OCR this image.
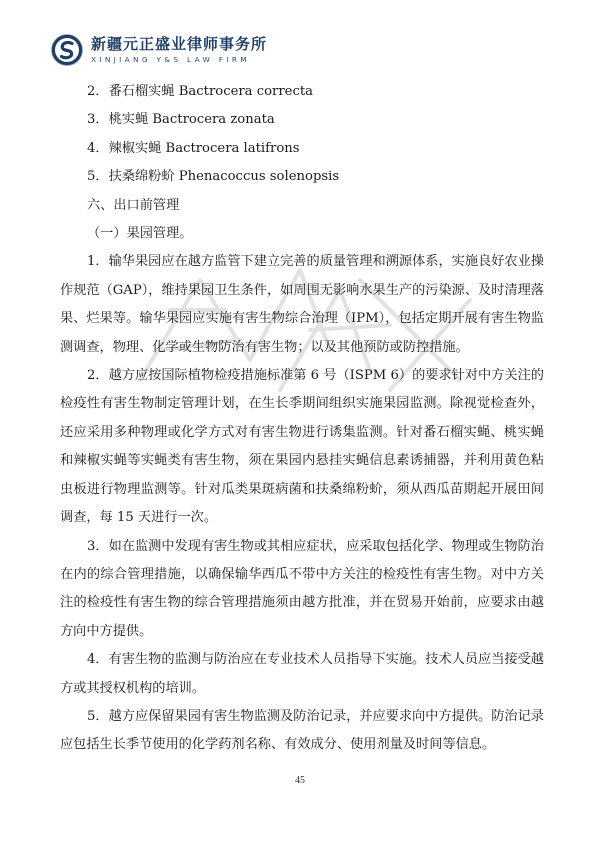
新疆元正盛业律师事务所
XINJIANG Y&S LAW FIRM
2．番石榴实蝇 Bactrocera correcta
3．桃实蝇 Bactrocera zonata
4．辣椒实蝇 Bactrocera latifrons
5．扶桑绵粉蚧 Phenacoccus solenopsis
六、出口前管理
（一）果园管理。

1．输华果园应在越方监管下建立完善的质量管理和溯源体系，实施良好农业操作规范（GAP），维持果园卫生条件，如周围无影响水果生产的污染源、及时清理落果、烂果等。输华果园应实施有害生物综合治理（IPM），包括定期开展有害生物监测调查，物理、化学或生物防治有害生物；以及其他预防或防控措施。

2．越方应按国际植物检疫措施标准第 6 号（ISPM 6）的要求针对中方关注的检疫性有害生物制定管理计划，在生长季期间组织实施果园监测。除视觉检查外，还应采用多种物理或化学方式对有害生物进行诱集监测。针对番石榴实蝇、桃实蝇和辣椒实蝇等实蝇类有害生物，须在果园内悬挂实蝇信息素诱捕器，并利用黄色粘虫板进行物理监测等。针对瓜类果斑病菌和扶桑绵粉蚧，须从西瓜苗期起开展田间调查，每 15 天进行一次。

3．如在监测中发现有害生物或其相应症状，应采取包括化学、物理或生物防治在内的综合管理措施，以确保输华西瓜不带中方关注的检疫性有害生物。对中方关注的检疫性有害生物的综合管理措施须由越方批准，并在贸易开始前，应要求由越方向中方提供。

4．有害生物的监测与防治应在专业技术人员指导下实施。技术人员应当接受越方或其授权机构的培训。

5．越方应保留果园有害生物监测及防治记录，并应要求向中方提供。防治记录应包括生长季节使用的化学药剂名称、有效成分、使用剂量及时间等信息。

45
